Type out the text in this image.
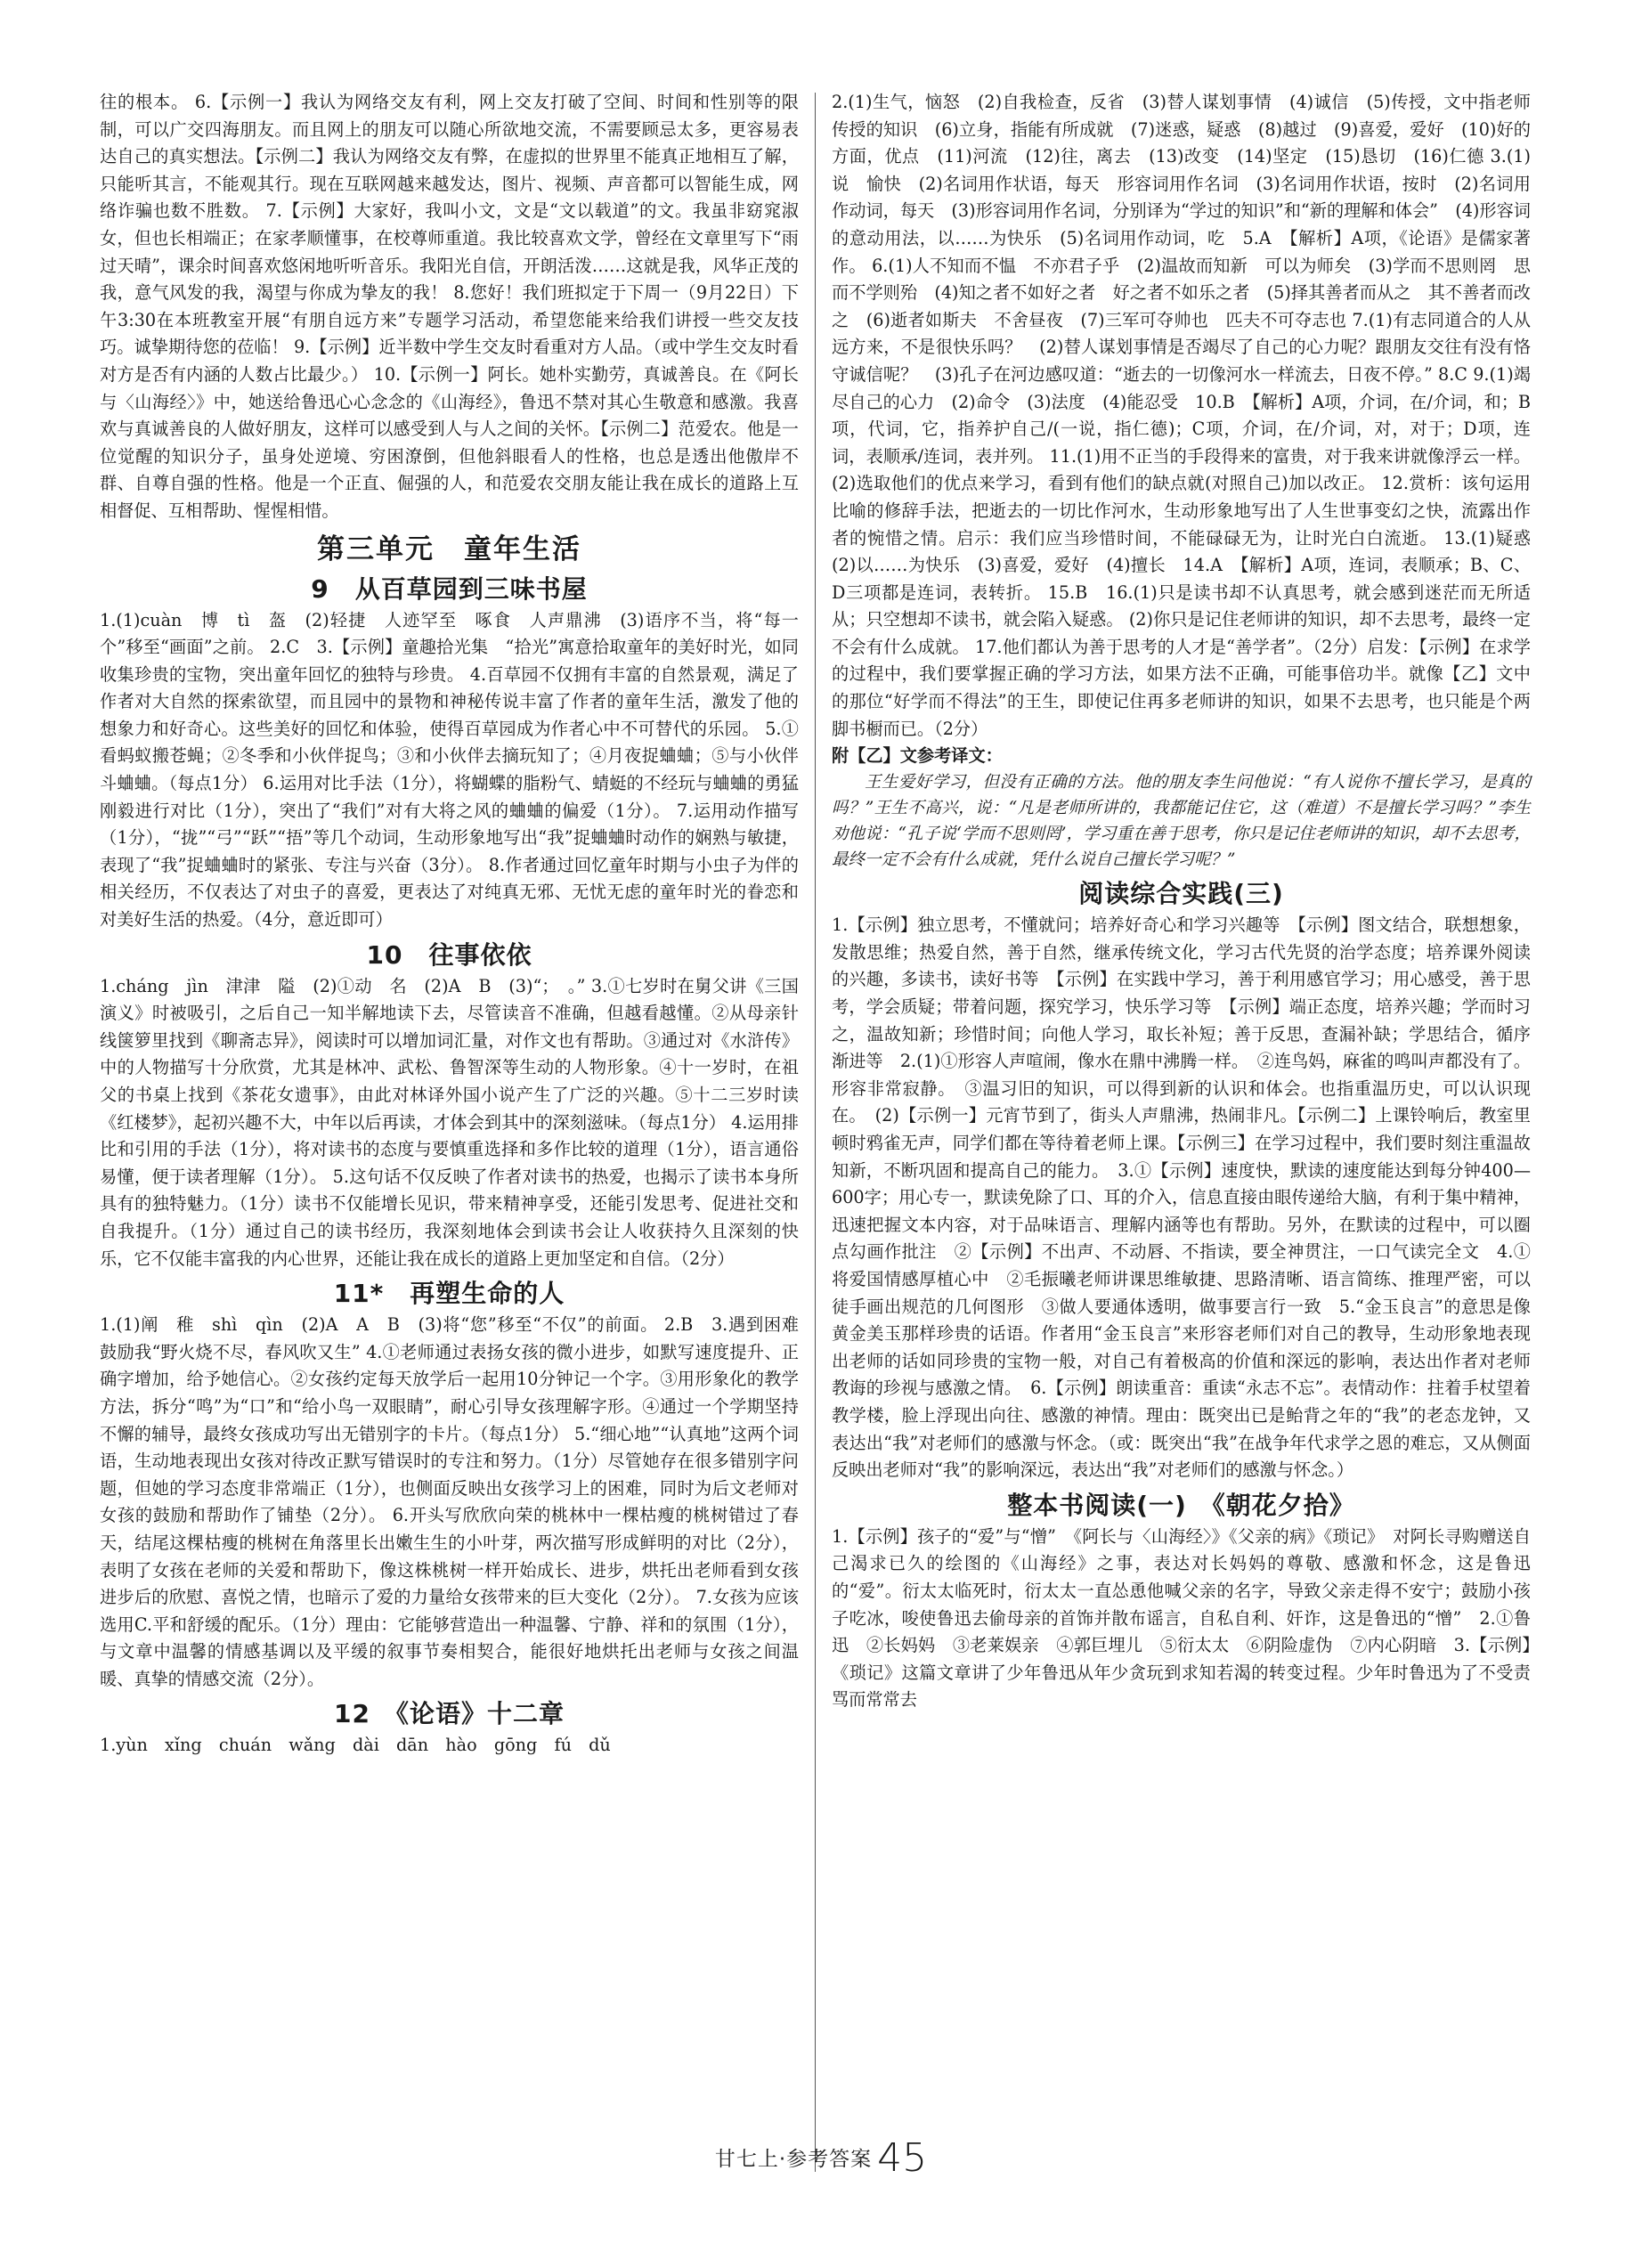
往的根本。 6.【示例一】我认为网络交友有利，网上交友打破了空间、时间和性别等的限制，可以广交四海朋友。而且网上的朋友可以随心所欲地交流，不需要顾忌太多，更容易表达自己的真实想法。【示例二】我认为网络交友有弊，在虚拟的世界里不能真正地相互了解，只能听其言，不能观其行。现在互联网越来越发达，图片、视频、声音都可以智能生成，网络诈骗也数不胜数。 7.【示例】大家好，我叫小文，文是“文以载道”的文。我虽非窈窕淑女，但也长相端正；在家孝顺懂事，在校尊师重道。我比较喜欢文学，曾经在文章里写下“雨过天晴”，课余时间喜欢悠闲地听听音乐。我阳光自信，开朗活泼……这就是我，风华正茂的我，意气风发的我，渴望与你成为挚友的我！ 8.您好！我们班拟定于下周一（9月22日）下午3:30在本班教室开展“有朋自远方来”专题学习活动，希望您能来给我们讲授一些交友技巧。诚挚期待您的莅临！ 9.【示例】近半数中学生交友时看重对方人品。（或中学生交友时看对方是否有内涵的人数占比最少。） 10.【示例一】阿长。她朴实勤劳，真诚善良。在《阿长与〈山海经〉》中，她送给鲁迅心心念念的《山海经》，鲁迅不禁对其心生敬意和感激。我喜欢与真诚善良的人做好朋友，这样可以感受到人与人之间的关怀。【示例二】范爱农。他是一位觉醒的知识分子，虽身处逆境、穷困潦倒，但他斜眼看人的性格，也总是透出他傲岸不群、自尊自强的性格。他是一个正直、倔强的人，和范爱农交朋友能让我在成长的道路上互相督促、互相帮助、惺惺相惜。

第三单元　童年生活
9　从百草园到三味书屋

1.(1)cuàn　博　tì　盔　(2)轻捷　人迹罕至　啄食　人声鼎沸　(3)语序不当，将“每一个”移至“画面”之前。 2.C　3.【示例】童趣拾光集　“拾光”寓意拾取童年的美好时光，如同收集珍贵的宝物，突出童年回忆的独特与珍贵。 4.百草园不仅拥有丰富的自然景观，满足了作者对大自然的探索欲望，而且园中的景物和神秘传说丰富了作者的童年生活，激发了他的想象力和好奇心。这些美好的回忆和体验，使得百草园成为作者心中不可替代的乐园。 5.①看蚂蚁搬苍蝇；②冬季和小伙伴捉鸟；③和小伙伴去摘玩知了；④月夜捉蛐蛐；⑤与小伙伴斗蛐蛐。（每点1分） 6.运用对比手法（1分），将蝴蝶的脂粉气、蜻蜓的不经玩与蛐蛐的勇猛刚毅进行对比（1分），突出了“我们”对有大将之风的蛐蛐的偏爱（1分）。 7.运用动作描写（1分），“拢”“弓”“跃”“捂”等几个动词，生动形象地写出“我”捉蛐蛐时动作的娴熟与敏捷，表现了“我”捉蛐蛐时的紧张、专注与兴奋（3分）。 8.作者通过回忆童年时期与小虫子为伴的相关经历，不仅表达了对虫子的喜爱，更表达了对纯真无邪、无忧无虑的童年时光的眷恋和对美好生活的热爱。（4分，意近即可）

10　往事依依

1.cháng　jìn　津津　隘　(2)①动　名　(2)A　B　(3)“；　。” 3.①七岁时在舅父讲《三国演义》时被吸引，之后自己一知半解地读下去，尽管读音不准确，但越看越懂。②从母亲针线箧箩里找到《聊斋志异》，阅读时可以增加词汇量，对作文也有帮助。③通过对《水浒传》中的人物描写十分欣赏，尤其是林冲、武松、鲁智深等生动的人物形象。④十一岁时，在祖父的书桌上找到《茶花女遗事》，由此对林译外国小说产生了广泛的兴趣。⑤十二三岁时读《红楼梦》，起初兴趣不大，中年以后再读，才体会到其中的深刻滋味。（每点1分） 4.运用排比和引用的手法（1分），将对读书的态度与要慎重选择和多作比较的道理（1分），语言通俗易懂，便于读者理解（1分）。 5.这句话不仅反映了作者对读书的热爱，也揭示了读书本身所具有的独特魅力。（1分）读书不仅能增长见识，带来精神享受，还能引发思考、促进社交和自我提升。（1分）通过自己的读书经历，我深刻地体会到读书会让人收获持久且深刻的快乐，它不仅能丰富我的内心世界，还能让我在成长的道路上更加坚定和自信。（2分）

11*　再塑生命的人

1.(1)阐　稚　shì　qìn　(2)A　A　B　(3)将“您”移至“不仅”的前面。 2.B　3.遇到困难　鼓励我“野火烧不尽，春风吹又生” 4.①老师通过表扬女孩的微小进步，如默写速度提升、正确字增加，给予她信心。②女孩约定每天放学后一起用10分钟记一个字。③用形象化的教学方法，拆分“鸣”为“口”和“给小鸟一双眼睛”，耐心引导女孩理解字形。④通过一个学期坚持不懈的辅导，最终女孩成功写出无错别字的卡片。（每点1分） 5.“细心地”“认真地”这两个词语，生动地表现出女孩对待改正默写错误时的专注和努力。（1分）尽管她存在很多错别字问题，但她的学习态度非常端正（1分），也侧面反映出女孩学习上的困难，同时为后文老师对女孩的鼓励和帮助作了铺垫（2分）。 6.开头写欣欣向荣的桃林中一棵枯瘦的桃树错过了春天，结尾这棵枯瘦的桃树在角落里长出嫩生生的小叶芽，两次描写形成鲜明的对比（2分），表明了女孩在老师的关爱和帮助下，像这株桃树一样开始成长、进步，烘托出老师看到女孩进步后的欣慰、喜悦之情，也暗示了爱的力量给女孩带来的巨大变化（2分）。 7.女孩为应该选用C.平和舒缓的配乐。（1分）理由：它能够营造出一种温馨、宁静、祥和的氛围（1分），与文章中温馨的情感基调以及平缓的叙事节奏相契合，能很好地烘托出老师与女孩之间温暖、真挚的情感交流（2分）。

12　《论语》十二章

1.yùn　xǐng　chuán　wǎng　dài　dān　hào　gōng　fú　dǔ

2.(1)生气，恼怒　(2)自我检查，反省　(3)替人谋划事情　(4)诚信　(5)传授，文中指老师传授的知识　(6)立身，指能有所成就　(7)迷惑，疑惑　(8)越过　(9)喜爱，爱好　(10)好的方面，优点　(11)河流　(12)往，离去　(13)改变　(14)坚定　(15)恳切　(16)仁德 3.(1)说　愉快　(2)名词用作状语，每天　形容词用作名词　(3)名词用作状语，按时　(2)名词用作动词，每天　(3)形容词用作名词，分别译为“学过的知识”和“新的理解和体会”　(4)形容词的意动用法，以……为快乐　(5)名词用作动词，吃　5.A　【解析】A项，《论语》是儒家著作。 6.(1)人不知而不愠　不亦君子乎　(2)温故而知新　可以为师矣　(3)学而不思则罔　思而不学则殆　(4)知之者不如好之者　好之者不如乐之者　(5)择其善者而从之　其不善者而改之　(6)逝者如斯夫　不舍昼夜　(7)三军可夺帅也　匹夫不可夺志也 7.(1)有志同道合的人从远方来，不是很快乐吗？　(2)替人谋划事情是否竭尽了自己的心力呢？跟朋友交往有没有恪守诚信呢？　(3)孔子在河边感叹道：“逝去的一切像河水一样流去，日夜不停。” 8.C 9.(1)竭尽自己的心力　(2)命令　(3)法度　(4)能忍受　10.B　【解析】A项，介词，在/介词，和；B项，代词，它，指养护自己/(一说，指仁德)；C项，介词，在/介词，对，对于；D项，连词，表顺承/连词，表并列。 11.(1)用不正当的手段得来的富贵，对于我来讲就像浮云一样。 (2)选取他们的优点来学习，看到有他们的缺点就(对照自己)加以改正。 12.赏析：该句运用比喻的修辞手法，把逝去的一切比作河水，生动形象地写出了人生世事变幻之快，流露出作者的惋惜之情。启示：我们应当珍惜时间，不能碌碌无为，让时光白白流逝。 13.(1)疑惑　(2)以……为快乐　(3)喜爱，爱好　(4)擅长　14.A　【解析】A项，连词，表顺承；B、C、D三项都是连词，表转折。 15.B　16.(1)只是读书却不认真思考，就会感到迷茫而无所适从；只空想却不读书，就会陷入疑惑。 (2)你只是记住老师讲的知识，却不去思考，最终一定不会有什么成就。 17.他们都认为善于思考的人才是“善学者”。（2分）启发：【示例】在求学的过程中，我们要掌握正确的学习方法，如果方法不正确，可能事倍功半。就像【乙】文中的那位“好学而不得法”的王生，即使记住再多老师讲的知识，如果不去思考，也只能是个两脚书橱而已。（2分）

附【乙】文参考译文：

王生爱好学习，但没有正确的方法。他的朋友李生问他说：“有人说你不擅长学习，是真的吗？”王生不高兴，说：“凡是老师所讲的，我都能记住它，这（难道）不是擅长学习吗？”李生劝他说：“孔子说‘学而不思则罔’，学习重在善于思考，你只是记住老师讲的知识，却不去思考，最终一定不会有什么成就，凭什么说自己擅长学习呢？”

阅读综合实践(三)

1.【示例】独立思考，不懂就问；培养好奇心和学习兴趣等　【示例】图文结合，联想想象，发散思维；热爱自然，善于自然，继承传统文化，学习古代先贤的治学态度；培养课外阅读的兴趣，多读书，读好书等　【示例】在实践中学习，善于利用感官学习；用心感受，善于思考，学会质疑；带着问题，探究学习，快乐学习等　【示例】端正态度，培养兴趣；学而时习之，温故知新；珍惜时间；向他人学习，取长补短；善于反思，查漏补缺；学思结合，循序渐进等　2.(1)①形容人声喧闹，像水在鼎中沸腾一样。　②连鸟妈，麻雀的鸣叫声都没有了。形容非常寂静。　③温习旧的知识，可以得到新的认识和体会。也指重温历史，可以认识现在。　(2)【示例一】元宵节到了，街头人声鼎沸，热闹非凡。【示例二】上课铃响后，教室里顿时鸦雀无声，同学们都在等待着老师上课。【示例三】在学习过程中，我们要时刻注重温故知新，不断巩固和提高自己的能力。　3.①【示例】速度快，默读的速度能达到每分钟400—600字；用心专一，默读免除了口、耳的介入，信息直接由眼传递给大脑，有利于集中精神，迅速把握文本内容，对于品味语言、理解内涵等也有帮助。另外，在默读的过程中，可以圈点勾画作批注　②【示例】不出声、不动唇、不指读，要全神贯注，一口气读完全文　4.①将爱国情感厚植心中　②毛振曦老师讲课思维敏捷、思路清晰、语言简练、推理严密，可以徒手画出规范的几何图形　③做人要通体透明，做事要言行一致　5.“金玉良言”的意思是像黄金美玉那样珍贵的话语。作者用“金玉良言”来形容老师们对自己的教导，生动形象地表现出老师的话如同珍贵的宝物一般，对自己有着极高的价值和深远的影响，表达出作者对老师教诲的珍视与感激之情。　6.【示例】朗读重音：重读“永志不忘”。表情动作：拄着手杖望着教学楼，脸上浮现出向往、感激的神情。理由：既突出已是鲐背之年的“我”的老态龙钟，又表达出“我”对老师们的感激与怀念。（或：既突出“我”在战争年代求学之恩的难忘，又从侧面反映出老师对“我”的影响深远，表达出“我”对老师们的感激与怀念。）

整本书阅读(一)　《朝花夕拾》

1.【示例】孩子的“爱”与“憎”　《阿长与〈山海经〉》《父亲的病》《琐记》　对阿长寻购赠送自己渴求已久的绘图的《山海经》之事，表达对长妈妈的尊敬、感激和怀念，这是鲁迅的“爱”。衍太太临死时，衍太太一直怂恿他喊父亲的名字，导致父亲走得不安宁；鼓励小孩子吃冰，唆使鲁迅去偷母亲的首饰并散布谣言，自私自利、奸诈，这是鲁迅的“憎”　2.①鲁迅　②长妈妈　③老莱娱亲　④郭巨埋儿　⑤衍太太　⑥阴险虚伪　⑦内心阴暗　3.【示例】《琐记》这篇文章讲了少年鲁迅从年少贪玩到求知若渴的转变过程。少年时鲁迅为了不受责骂而常常去

甘七上·参考答案 45
